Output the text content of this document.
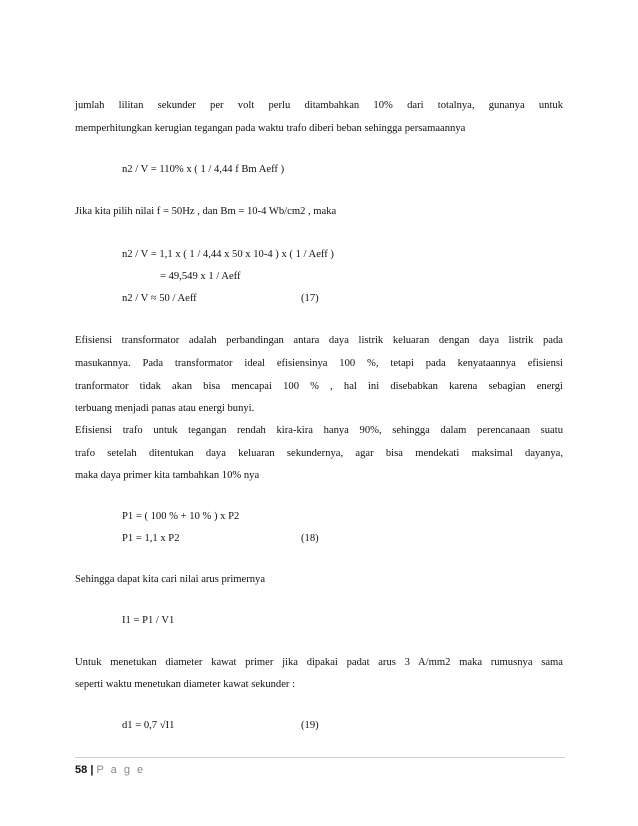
jumlah lilitan sekunder per volt perlu ditambahkan 10% dari totalnya, gunanya untuk
memperhitungkan kerugian tegangan pada waktu trafo diberi beban sehingga persamaannya
n2 / V = 110% x ( 1 / 4,44 f Bm Aeff )
Jika kita pilih nilai f = 50Hz , dan Bm = 10-4 Wb/cm2 , maka
n2 / V = 1,1 x ( 1 / 4,44 x 50 x 10-4 ) x ( 1 / Aeff )
= 49,549 x 1 / Aeff
n2 / V ≈ 50 / Aeff	(17)
Efisiensi transformator adalah perbandingan antara daya listrik keluaran dengan daya listrik pada
masukannya. Pada transformator ideal efisiensinya 100 %, tetapi pada kenyataannya efisiensi
tranformator tidak akan bisa mencapai 100 % , hal ini disebabkan karena sebagian energi
terbuang menjadi panas atau energi bunyi.
Efisiensi trafo untuk tegangan rendah kira-kira hanya 90%, sehingga dalam perencanaan suatu
trafo setelah ditentukan daya keluaran sekundernya, agar bisa mendekati maksimal dayanya,
maka daya primer kita tambahkan 10% nya
P1 = ( 100 % + 10 % ) x P2
P1 = 1,1 x P2	(18)
Sehingga dapat kita cari nilai arus primernya
I1 = P1 / V1
Untuk menetukan diameter kawat primer jika dipakai padat arus 3 A/mm2 maka rumusnya sama
seperti waktu menetukan diameter kawat sekunder :
d1 = 0,7 √I1	(19)
58 | P a g e
